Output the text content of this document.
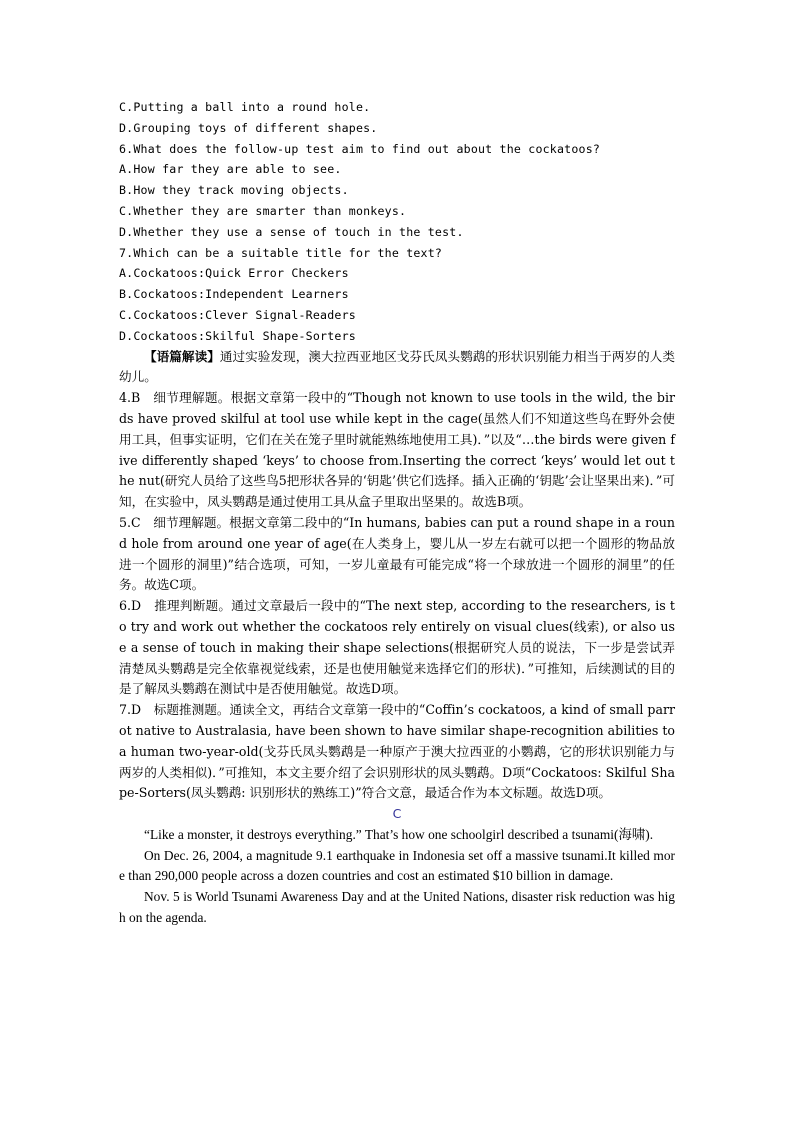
C.Putting a ball into a round hole.
D.Grouping toys of different shapes.
6.What does the follow-up test aim to find out about the cockatoos?
A.How far they are able to see.
B.How they track moving objects.
C.Whether they are smarter than monkeys.
D.Whether they use a sense of touch in the test.
7.Which can be a suitable title for the text?
A.Cockatoos:Quick Error Checkers
B.Cockatoos:Independent Learners
C.Cockatoos:Clever Signal-Readers
D.Cockatoos:Skilful Shape-Sorters

【语篇解读】通过实验发现，澳大拉西亚地区戈芬氏凤头鹦鹉的形状识别能力相当于两岁的人类幼儿。

4.B　细节理解题。根据文章第一段中的“Though not known to use tools in the wild, the birds have proved skilful at tool use while kept in the cage(虽然人们不知道这些鸟在野外会使用工具，但事实证明，它们在关在笼子里时就能熟练地使用工具)．”以及“…the birds were given five differently shaped ‘keys’ to choose from.Inserting the correct ‘keys’ would let out the nut(研究人员给了这些鸟5把形状各异的‘钥匙’供它们选择。插入正确的‘钥匙’会让坚果出来)．”可知，在实验中，凤头鹦鹉是通过使用工具从盒子里取出坚果的。故选B项。

5.C　细节理解题。根据文章第二段中的“In humans, babies can put a round shape in a round hole from around one year of age(在人类身上，婴儿从一岁左右就可以把一个圆形的物品放进一个圆形的洞里)”结合选项，可知，一岁儿童最有可能完成“将一个球放进一个圆形的洞里”的任务。故选C项。

6.D　推理判断题。通过文章最后一段中的“The next step, according to the researchers, is to try and work out whether the cockatoos rely entirely on visual clues(线索), or also use a sense of touch in making their shape selections(根据研究人员的说法，下一步是尝试弄清楚凤头鹦鹉是完全依靠视觉线索，还是也使用触觉来选择它们的形状)．”可推知，后续测试的目的是了解凤头鹦鹉在测试中是否使用触觉。故选D项。

7.D　标题推测题。通读全文，再结合文章第一段中的“Coffin’s cockatoos, a kind of small parrot native to Australasia, have been shown to have similar shape-recognition abilities to a human two-year-old(戈芬氏凤头鹦鹉是一种原产于澳大拉西亚的小鹦鹉，它的形状识别能力与两岁的人类相似)．”可推知，本文主要介绍了会识别形状的凤头鹦鹉。D项“Cockatoos: Skilful Shape-Sorters(凤头鹦鹉: 识别形状的熟练工)”符合文意，最适合作为本文标题。故选D项。

C

“Like a monster, it destroys everything.” That’s how one schoolgirl described a tsunami(海啸).

On Dec. 26, 2004, a magnitude 9.1 earthquake in Indonesia set off a massive tsunami.It killed more than 290,000 people across a dozen countries and cost an estimated $10 billion in damage.

Nov. 5 is World Tsunami Awareness Day and at the United Nations, disaster risk reduction was high on the agenda.
